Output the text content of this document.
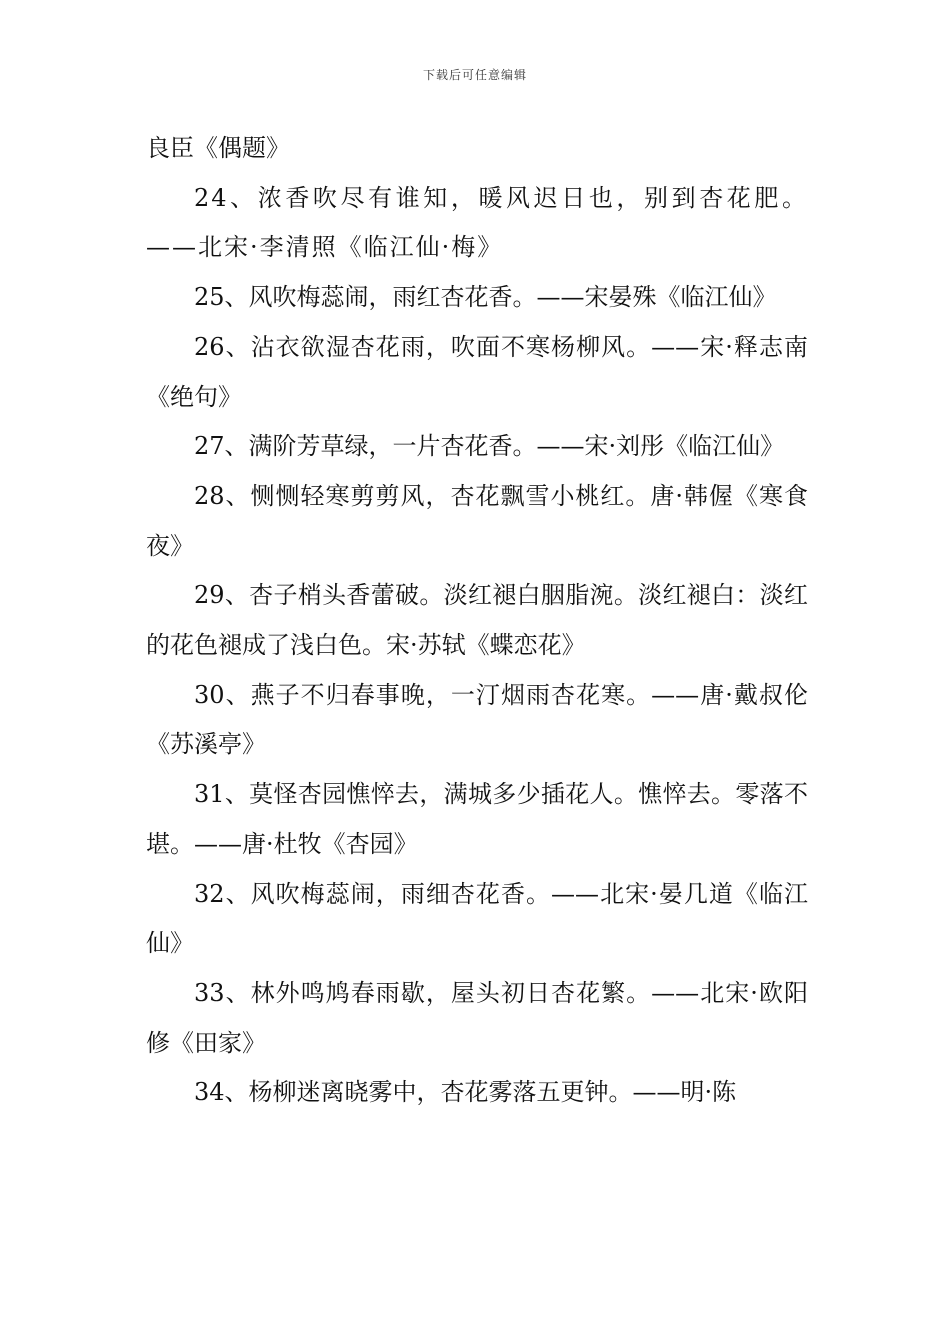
下载后可任意编辑

良臣《偶题》

24、浓香吹尽有谁知，暖风迟日也，别到杏花肥。——北宋·李清照《临江仙·梅》

25、风吹梅蕊闹，雨红杏花香。——宋晏殊《临江仙》

26、沾衣欲湿杏花雨，吹面不寒杨柳风。——宋·释志南《绝句》

27、满阶芳草绿，一片杏花香。——宋·刘彤《临江仙》

28、恻恻轻寒剪剪风，杏花飘雪小桃红。唐·韩偓《寒食夜》

29、杏子梢头香蕾破。淡红褪白胭脂涴。淡红褪白：淡红的花色褪成了浅白色。宋·苏轼《蝶恋花》

30、燕子不归春事晚，一汀烟雨杏花寒。——唐·戴叔伦《苏溪亭》

31、莫怪杏园憔悴去，满城多少插花人。憔悴去。零落不堪。——唐·杜牧《杏园》

32、风吹梅蕊闹，雨细杏花香。——北宋·晏几道《临江仙》

33、林外鸣鸠春雨歇，屋头初日杏花繁。——北宋·欧阳修《田家》

34、杨柳迷离晓雾中，杏花雾落五更钟。——明·陈
